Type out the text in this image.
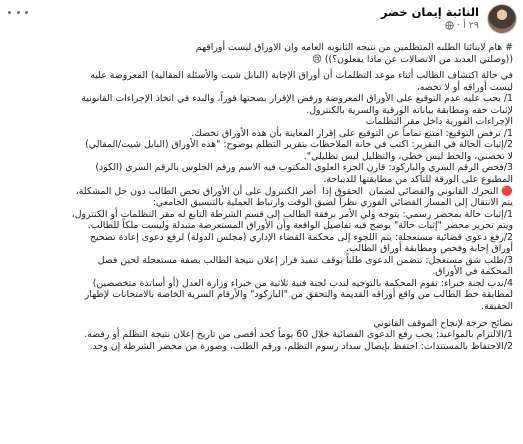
النائبة إيمان خضر
٢٩ أ
·
# هام لابنائنا الطلبه المتظلمين من نتيجه الثانويه العامه وان الاوراق ليست أوراقهم
((وصلني العديد من الاتصالات عن ماذا يفعلون؟)) 😢

في حالة اكتشاف الطالب أثناء موعد التظلمات أن أوراق الإجابة (البابل شيت والأسئلة المقالية) المعروضة عليه
ليست أوراقه أو لا تخصه،
1/ يجب عليه عدم التوقيع على الأوراق المعروضة ورفض الإقرار بصحتها فوراً، والبدء في اتخاذ الإجراءات القانونية
لإثبات حقه ومطابقة بياناته الورقية والسرية بالكنترول.
الإجراءات الفورية داخل مقر التظلمات
1/ ترفض التوقيع: امتنع تماماً عن التوقيع على إقرار المعاينة بأن هذه الأوراق تخصك.
2/إثبات الحالة في التقرير: اكتب في خانة الملاحظات بتقرير التظلم بوضوح: "هذه الأوراق (البابل شيت/المقالي)
لا تخصني، والخط ليس خطي، والتظليل ليس تظليلي".
3/فحص الرقم السري والباركود: قارن الجزء العلوي المكتوب فيه الاسم ورقم الجلوس بالرقم السري (الكود)
المطبوع على الورقة للتأكد من مطابقتها للديباجة.
🔴 التحرك القانوني والقضائي لضمان  الحقوق إذا  أصر الكنترول على أن الأوراق تخص الطالب دون حل المشكلة،
يتم الانتقال إلى المسار القضائي الفوري نظراً لضيق الوقت وارتباط العملية بالتنسيق الجامعي:
1/إثبات حالة بمحضر رسمي: يتوجه ولي الأمر برفقة الطالب إلى قسم الشرطة التابع له مقر التظلمات أو الكنترول،
ويتم تحرير محضر "إثبات حالة" يوضح فيه تفاصيل الواقعة وأن الأوراق المستعرضة متبدلة وليست ملكاً للطالب.
2/رفع دعوى قضائية مستعجلة: يتم اللجوء إلى محكمة القضاء الإداري (مجلس الدولة) لرفع دعوى إعادة تصحيح
أوراق إجابة وفحص ومطابقة أوراق الطالب.
3/طلب شق مستعجل: تتضمن الدعوى طلباً بوقف تنفيذ قرار إعلان نتيجة الطالب بصفة مستعجلة لحين فصل
المحكمة في الأوراق.
4/ندب لجنة خبراء: تقوم المحكمة بالتوجيه لندب لجنة فنية ثلاثية من خبراء وزارة العدل (أو أساتذة متخصصين)
لمطابقة خط الطالب من واقع أوراقه القديمة والتحقق من "الباركود" والأرقام السرية الخاصة بالامتحانات لإظهار
الحقيقة.

نصائح حرجة لإنجاح الموقف القانوني
1/الالتزام بالمواعيد: يجب رفع الدعوى القضائية خلال 60 يوماً كحد أقصى من تاريخ إعلان نتيجة التظلم أو رفضه.
2/الاحتفاظ بالمستندات: احتفظ بإيصال سداد رسوم التظلم، ورقم الطلب، وصورة من محضر الشرطة إن وجد.
